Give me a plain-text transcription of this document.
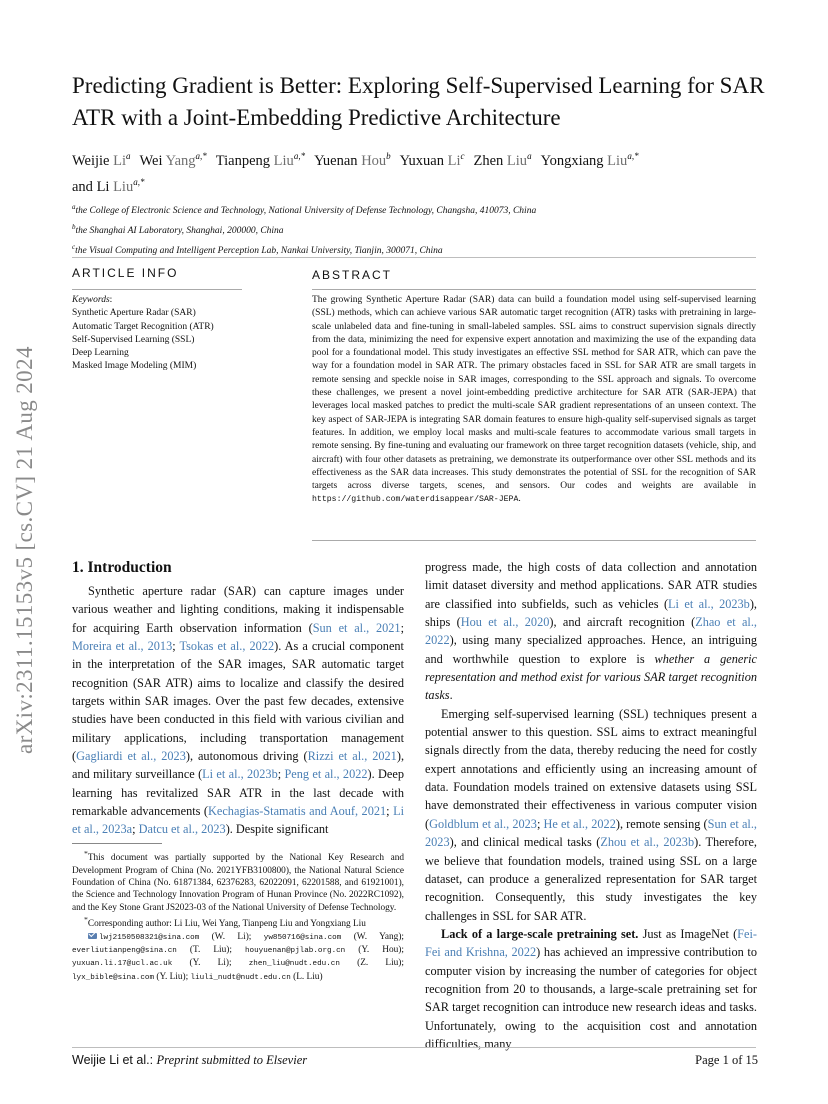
arXiv:2311.15153v5 [cs.CV] 21 Aug 2024
Predicting Gradient is Better: Exploring Self-Supervised Learning for SAR ATR with a Joint-Embedding Predictive Architecture
Weijie Li$^a$ Wei Yang$^{a,*}$ Tianpeng Liu$^{a,*}$ Yuenan Hou$^b$ Yuxuan Li$^c$ Zhen Liu$^a$ Yongxiang Liu$^{a,*}$
and Li Liu$^{a,*}$
$^a$the College of Electronic Science and Technology, National University of Defense Technology, Changsha, 410073, China
$^b$the Shanghai AI Laboratory, Shanghai, 200000, China
$^c$the Visual Computing and Intelligent Perception Lab, Nankai University, Tianjin, 300071, China
ARTICLE INFO	ABSTRACT
Keywords:
Synthetic Aperture Radar (SAR)
Automatic Target Recognition (ATR)
Self-Supervised Learning (SSL)
Deep Learning
Masked Image Modeling (MIM)
The growing Synthetic Aperture Radar (SAR) data can build a foundation model using self-supervised learning (SSL) methods, which can achieve various SAR automatic target recognition (ATR) tasks with pretraining in large-scale unlabeled data and fine-tuning in small-labeled samples. SSL aims to construct supervision signals directly from the data, minimizing the need for expensive expert annotation and maximizing the use of the expanding data pool for a foundational model. This study investigates an effective SSL method for SAR ATR, which can pave the way for a foundation model in SAR ATR. The primary obstacles faced in SSL for SAR ATR are small targets in remote sensing and speckle noise in SAR images, corresponding to the SSL approach and signals. To overcome these challenges, we present a novel joint-embedding predictive architecture for SAR ATR (SAR-JEPA) that leverages local masked patches to predict the multi-scale SAR gradient representations of an unseen context. The key aspect of SAR-JEPA is integrating SAR domain features to ensure high-quality self-supervised signals as target features. In addition, we employ local masks and multi-scale features to accommodate various small targets in remote sensing. By fine-tuning and evaluating our framework on three target recognition datasets (vehicle, ship, and aircraft) with four other datasets as pretraining, we demonstrate its outperformance over other SSL methods and its effectiveness as the SAR data increases. This study demonstrates the potential of SSL for the recognition of SAR targets across diverse targets, scenes, and sensors. Our codes and weights are available in https://github.com/waterdisappear/SAR-JEPA.
1. Introduction

Synthetic aperture radar (SAR) can capture images under various weather and lighting conditions, making it indispensable for acquiring Earth observation information (Sun et al., 2021; Moreira et al., 2013; Tsokas et al., 2022). As a crucial component in the interpretation of the SAR images, SAR automatic target recognition (SAR ATR) aims to localize and classify the desired targets within SAR images. Over the past few decades, extensive studies have been conducted in this field with various civilian and military applications, including transportation management (Gagliardi et al., 2023), autonomous driving (Rizzi et al., 2021), and military surveillance (Li et al., 2023b; Peng et al., 2022). Deep learning has revitalized SAR ATR in the last decade with remarkable advancements (Kechagias-Stamatis and Aouf, 2021; Li et al., 2023a; Datcu et al., 2023). Despite significant

*This document was partially supported by the National Key Research and Development Program of China (No. 2021YFB3100800), the National Natural Science Foundation of China (No. 61871384, 62376283, 62022091, 62201588, and 61921001), the Science and Technology Innovation Program of Hunan Province (No. 2022RC1092), and the Key Stone Grant JS2023-03 of the National University of Defense Technology.
*Corresponding author: Li Liu, Wei Yang, Tianpeng Liu and Yongxiang Liu
lwj2150508321@sina.com (W. Li); yw850716@sina.com (W. Yang); everliutianpeng@sina.cn (T. Liu); houyuenan@pjlab.org.cn (Y. Hou); yuxuan.li.17@ucl.ac.uk (Y. Li); zhen_liu@nudt.edu.cn (Z. Liu); lyx_bible@sina.com (Y. Liu); liuli_nudt@nudt.edu.cn (L. Liu)

progress made, the high costs of data collection and annotation limit dataset diversity and method applications. SAR ATR studies are classified into subfields, such as vehicles (Li et al., 2023b), ships (Hou et al., 2020), and aircraft recognition (Zhao et al., 2022), using many specialized approaches. Hence, an intriguing and worthwhile question to explore is whether a generic representation and method exist for various SAR target recognition tasks.

Emerging self-supervised learning (SSL) techniques present a potential answer to this question. SSL aims to extract meaningful signals directly from the data, thereby reducing the need for costly expert annotations and efficiently using an increasing amount of data. Foundation models trained on extensive datasets using SSL have demonstrated their effectiveness in various computer vision (Goldblum et al., 2023; He et al., 2022), remote sensing (Sun et al., 2023), and clinical medical tasks (Zhou et al., 2023b). Therefore, we believe that foundation models, trained using SSL on a large dataset, can produce a generalized representation for SAR target recognition. Consequently, this study investigates the key challenges in SSL for SAR ATR.

Lack of a large-scale pretraining set. Just as ImageNet (Fei-Fei and Krishna, 2022) has achieved an impressive contribution to computer vision by increasing the number of categories for object recognition from 20 to thousands, a large-scale pretraining set for SAR target recognition can introduce new research ideas and tasks. Unfortunately, owing to the acquisition cost and annotation difficulties, many

Weijie Li et al.: Preprint submitted to Elsevier	Page 1 of 15
